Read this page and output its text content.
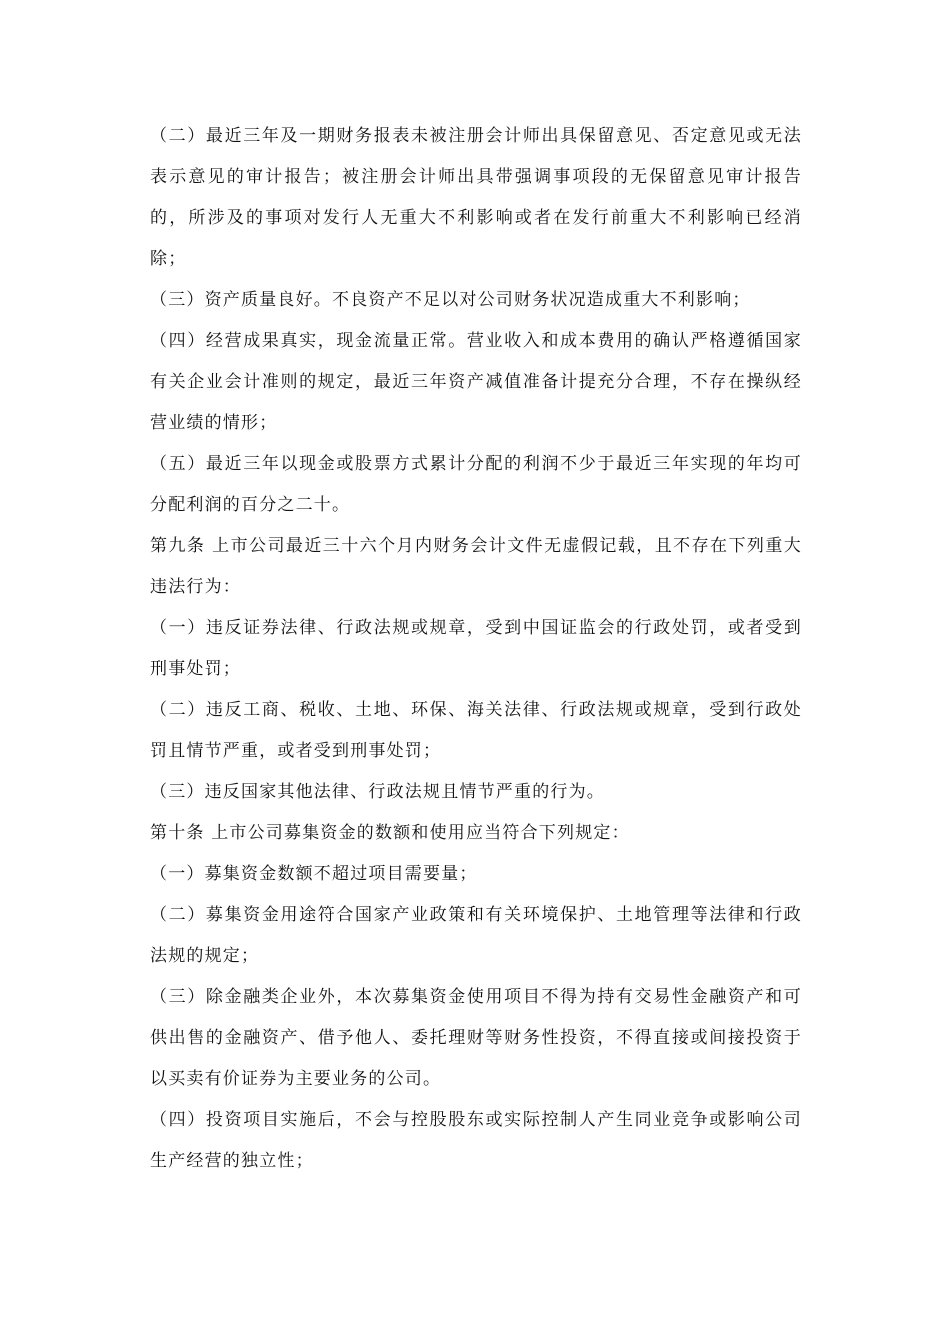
（二）最近三年及一期财务报表未被注册会计师出具保留意见、否定意见或无法表示意见的审计报告；被注册会计师出具带强调事项段的无保留意见审计报告的，所涉及的事项对发行人无重大不利影响或者在发行前重大不利影响已经消除；

（三）资产质量良好。不良资产不足以对公司财务状况造成重大不利影响；

（四）经营成果真实，现金流量正常。营业收入和成本费用的确认严格遵循国家有关企业会计准则的规定，最近三年资产减值准备计提充分合理，不存在操纵经营业绩的情形；

（五）最近三年以现金或股票方式累计分配的利润不少于最近三年实现的年均可分配利润的百分之二十。

第九条 上市公司最近三十六个月内财务会计文件无虚假记载，且不存在下列重大违法行为：

（一）违反证券法律、行政法规或规章，受到中国证监会的行政处罚，或者受到刑事处罚；

（二）违反工商、税收、土地、环保、海关法律、行政法规或规章，受到行政处罚且情节严重，或者受到刑事处罚；

（三）违反国家其他法律、行政法规且情节严重的行为。

第十条 上市公司募集资金的数额和使用应当符合下列规定：

（一）募集资金数额不超过项目需要量；

（二）募集资金用途符合国家产业政策和有关环境保护、土地管理等法律和行政法规的规定；

（三）除金融类企业外，本次募集资金使用项目不得为持有交易性金融资产和可供出售的金融资产、借予他人、委托理财等财务性投资，不得直接或间接投资于以买卖有价证券为主要业务的公司。

（四）投资项目实施后，不会与控股股东或实际控制人产生同业竞争或影响公司生产经营的独立性；
